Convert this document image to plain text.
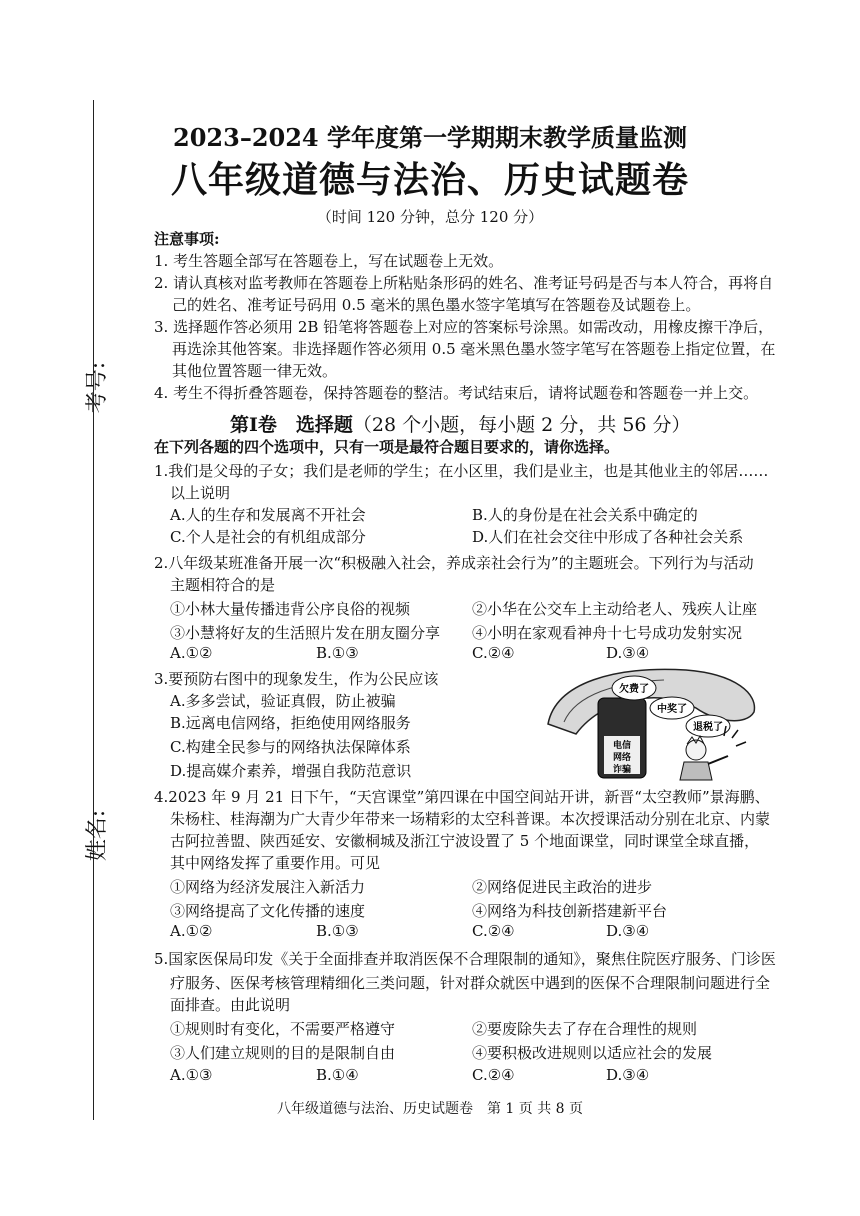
考号:
姓名:
2023–2024 学年度第一学期期末教学质量监测
八年级道德与法治、历史试题卷
（时间 120 分钟，总分 120 分）
注意事项:
1. 考生答题全部写在答题卷上，写在试题卷上无效。
2. 请认真核对监考教师在答题卷上所粘贴条形码的姓名、准考证号码是否与本人符合，再将自
己的姓名、准考证号码用 0.5 毫米的黑色墨水签字笔填写在答题卷及试题卷上。
3. 选择题作答必须用 2B 铅笔将答题卷上对应的答案标号涂黑。如需改动，用橡皮擦干净后，
再选涂其他答案。非选择题作答必须用 0.5 毫米黑色墨水签字笔写在答题卷上指定位置，在
其他位置答题一律无效。
4. 考生不得折叠答题卷，保持答题卷的整洁。考试结束后，请将试题卷和答题卷一并上交。
第Ⅰ卷　选择题（28 个小题，每小题 2 分，共 56 分）
在下列各题的四个选项中，只有一项是最符合题目要求的，请你选择。
1.我们是父母的子女；我们是老师的学生；在小区里，我们是业主，也是其他业主的邻居……
以上说明
A.人的生存和发展离不开社会	B.人的身份是在社会关系中确定的
C.个人是社会的有机组成部分	D.人们在社会交往中形成了各种社会关系
2.八年级某班准备开展一次“积极融入社会，养成亲社会行为”的主题班会。下列行为与活动
主题相符合的是
①小林大量传播违背公序良俗的视频	②小华在公交车上主动给老人、残疾人让座
③小慧将好友的生活照片发在朋友圈分享 ④小明在家观看神舟十七号成功发射实况
A.①②	B.①③	C.②④	D.③④
3.要预防右图中的现象发生，作为公民应该
A.多多尝试，验证真假，防止被骗
B.远离电信网络，拒绝使用网络服务
C.构建全民参与的网络执法保障体系
D.提高媒介素养，增强自我防范意识
电信
网络
诈骗
欠费了
中奖了
退税了
4.2023 年 9 月 21 日下午，“天宫课堂”第四课在中国空间站开讲，新晋“太空教师”景海鹏、
朱杨柱、桂海潮为广大青少年带来一场精彩的太空科普课。本次授课活动分别在北京、内蒙
古阿拉善盟、陕西延安、安徽桐城及浙江宁波设置了 5 个地面课堂，同时课堂全球直播，
其中网络发挥了重要作用。可见
①网络为经济发展注入新活力	②网络促进民主政治的进步
③网络提高了文化传播的速度	④网络为科技创新搭建新平台
A.①②	B.①③	C.②④	D.③④
5.国家医保局印发《关于全面排查并取消医保不合理限制的通知》，聚焦住院医疗服务、门诊医
疗服务、医保考核管理精细化三类问题，针对群众就医中遇到的医保不合理限制问题进行全
面排查。由此说明
①规则时有变化，不需要严格遵守	②要废除失去了存在合理性的规则
③人们建立规则的目的是限制自由	④要积极改进规则以适应社会的发展
A.①③	B.①④	C.②④	D.③④
八年级道德与法治、历史试题卷　第 1 页 共 8 页
